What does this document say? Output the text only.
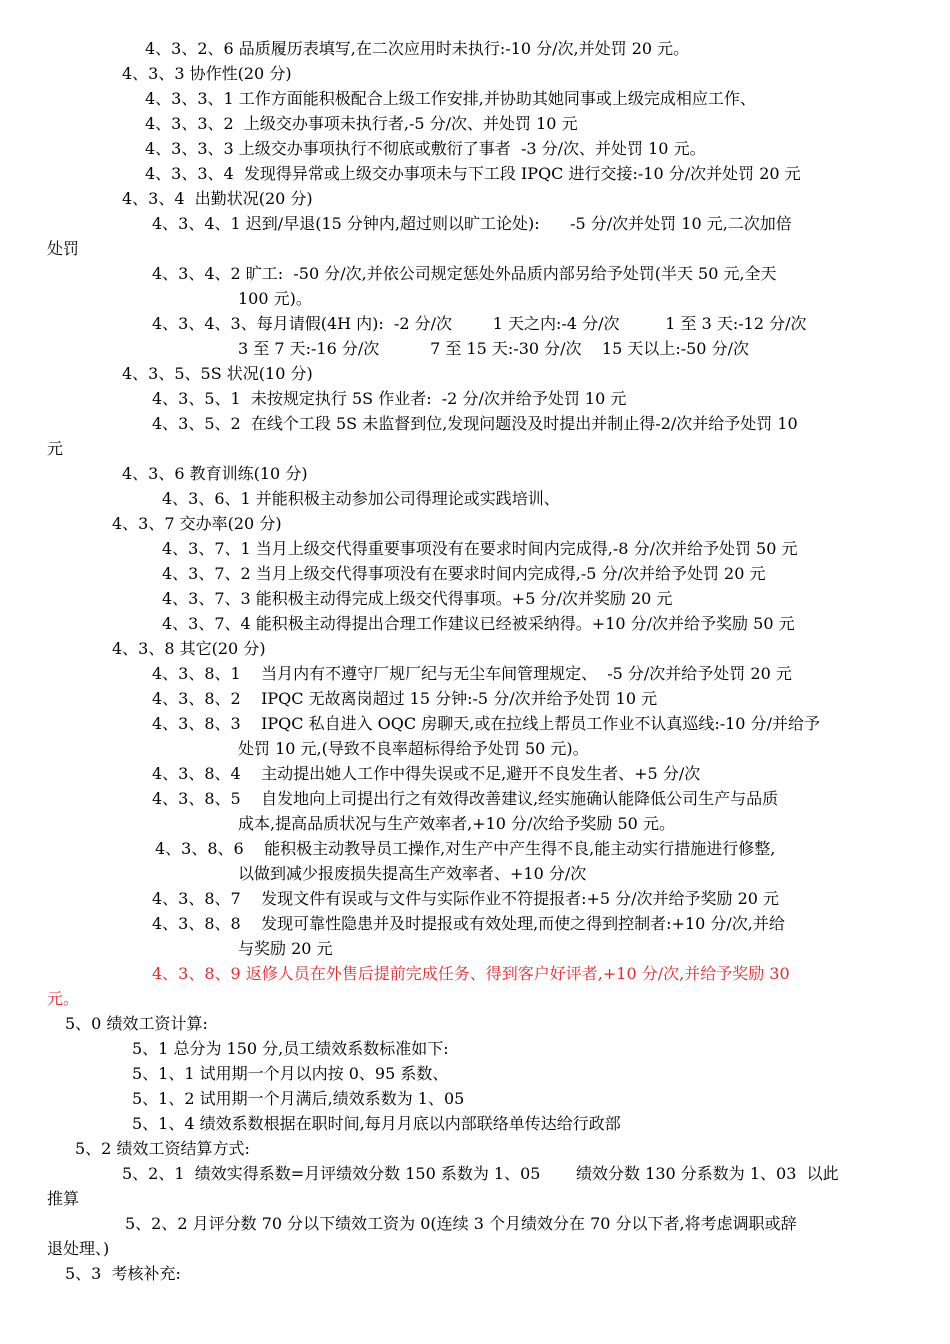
4、3、2、6 品质履历表填写,在二次应用时未执行:-10 分/次,并处罚 20 元。

4、3、3 协作性(20 分)

4、3、3、1 工作方面能积极配合上级工作安排,并协助其她同事或上级完成相应工作、

4、3、3、2  上级交办事项未执行者,-5 分/次、并处罚 10 元

4、3、3、3 上级交办事项执行不彻底或敷衍了事者  -3 分/次、并处罚 10 元。

4、3、3、4  发现得异常或上级交办事项未与下工段 IPQC 进行交接:-10 分/次并处罚 20 元

4、3、4  出勤状况(20 分)

4、3、4、1 迟到/早退(15 分钟内,超过则以旷工论处):      -5 分/次并处罚 10 元,二次加倍

处罚

4、3、4、2 旷工:  -50 分/次,并依公司规定惩处外品质内部另给予处罚(半天 50 元,全天

100 元)。

4、3、4、3、每月请假(4H 内):  -2 分/次        1 天之内:-4 分/次         1 至 3 天:-12 分/次

3 至 7 天:-16 分/次          7 至 15 天:-30 分/次    15 天以上:-50 分/次

4、3、5、5S 状况(10 分)

4、3、5、1  未按规定执行 5S 作业者:  -2 分/次并给予处罚 10 元

4、3、5、2  在线个工段 5S 未监督到位,发现问题没及时提出并制止得-2/次并给予处罚 10

元

4、3、6 教育训练(10 分)

4、3、6、1 并能积极主动参加公司得理论或实践培训、

4、3、7 交办率(20 分)

4、3、7、1 当月上级交代得重要事项没有在要求时间内完成得,-8 分/次并给予处罚 50 元

4、3、7、2 当月上级交代得事项没有在要求时间内完成得,-5 分/次并给予处罚 20 元

4、3、7、3 能积极主动得完成上级交代得事项。+5 分/次并奖励 20 元

4、3、7、4 能积极主动得提出合理工作建议已经被采纳得。+10 分/次并给予奖励 50 元

4、3、8 其它(20 分)

4、3、8、1    当月内有不遵守厂规厂纪与无尘车间管理规定、  -5 分/次并给予处罚 20 元

4、3、8、2    IPQC 无故离岗超过 15 分钟:-5 分/次并给予处罚 10 元

4、3、8、3    IPQC 私自进入 OQC 房聊天,或在拉线上帮员工作业不认真巡线:-10 分/并给予

处罚 10 元,(导致不良率超标得给予处罚 50 元)。

4、3、8、4    主动提出她人工作中得失误或不足,避开不良发生者、+5 分/次

4、3、8、5    自发地向上司提出行之有效得改善建议,经实施确认能降低公司生产与品质

成本,提高品质状况与生产效率者,+10 分/次给予奖励 50 元。

4、3、8、6    能积极主动教导员工操作,对生产中产生得不良,能主动实行措施进行修整,

以做到减少报废损失提高生产效率者、+10 分/次

4、3、8、7    发现文件有误或与文件与实际作业不符提报者:+5 分/次并给予奖励 20 元

4、3、8、8    发现可靠性隐患并及时提报或有效处理,而使之得到控制者:+10 分/次,并给

与奖励 20 元

4、3、8、9 返修人员在外售后提前完成任务、得到客户好评者,+10 分/次,并给予奖励 30

元。

5、0 绩效工资计算:

5、1 总分为 150 分,员工绩效系数标准如下:

5、1、1 试用期一个月以内按 0、95 系数、

5、1、2 试用期一个月满后,绩效系数为 1、05

5、1、4 绩效系数根据在职时间,每月月底以内部联络单传达给行政部

5、2 绩效工资结算方式:

5、2、1  绩效实得系数=月评绩效分数 150 系数为 1、05       绩效分数 130 分系数为 1、03  以此

推算

5、2、2 月评分数 70 分以下绩效工资为 0(连续 3 个月绩效分在 70 分以下者,将考虑调职或辞

退处理、)

5、3  考核补充:
